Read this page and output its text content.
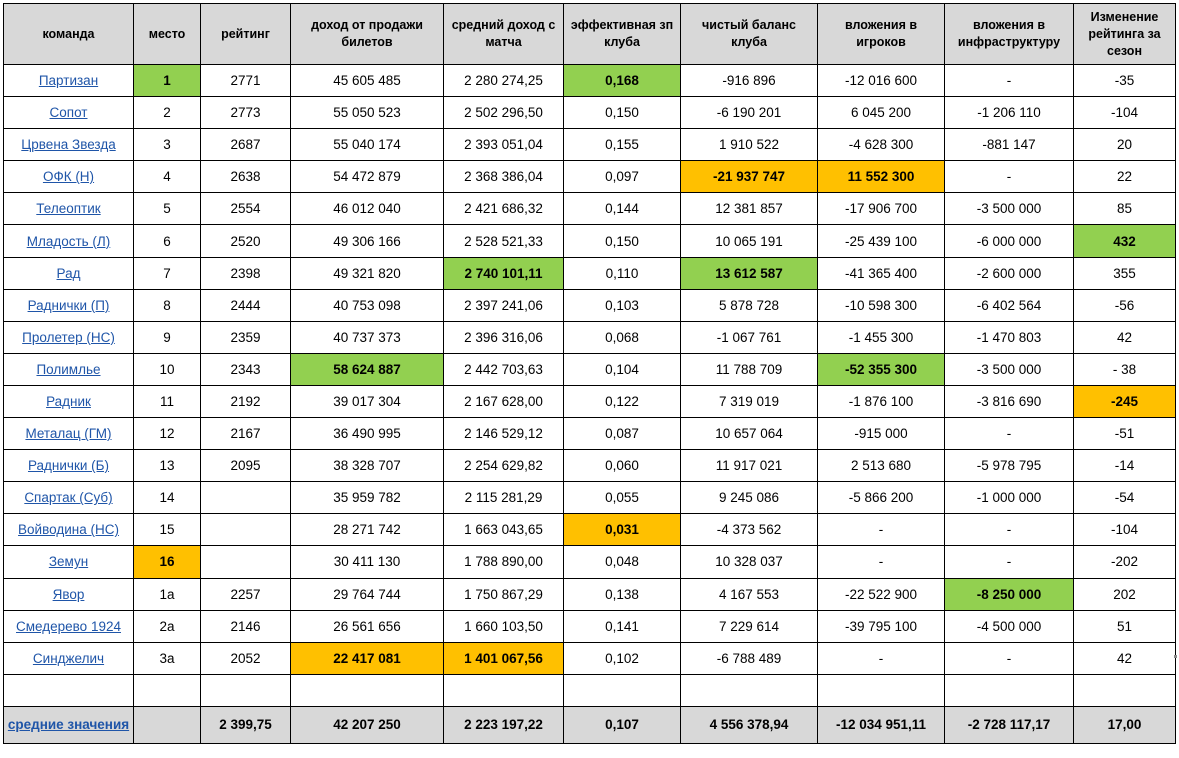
команда	место	рейтинг	доход от продажи билетов	средний доход с матча	эффективная зп клуба	чистый баланс клуба	вложения в игроков	вложения в инфраструктуру	Изменение рейтинга за сезон
Партизан	1	2771	45 605 485	2 280 274,25	0,168	-916 896	-12 016 600	-	-35
Сопот	2	2773	55 050 523	2 502 296,50	0,150	-6 190 201	6 045 200	-1 206 110	-104
Црвена Звезда	3	2687	55 040 174	2 393 051,04	0,155	1 910 522	-4 628 300	-881 147	20
ОФК (Н)	4	2638	54 472 879	2 368 386,04	0,097	-21 937 747	11 552 300	-	22
Телеоптик	5	2554	46 012 040	2 421 686,32	0,144	12 381 857	-17 906 700	-3 500 000	85
Младость (Л)	6	2520	49 306 166	2 528 521,33	0,150	10 065 191	-25 439 100	-6 000 000	432
Рад	7	2398	49 321 820	2 740 101,11	0,110	13 612 587	-41 365 400	-2 600 000	355
Раднички (П)	8	2444	40 753 098	2 397 241,06	0,103	5 878 728	-10 598 300	-6 402 564	-56
Пролетер (НС)	9	2359	40 737 373	2 396 316,06	0,068	-1 067 761	-1 455 300	-1 470 803	42
Полимлье	10	2343	58 624 887	2 442 703,63	0,104	11 788 709	-52 355 300	-3 500 000	- 38
Радник	11	2192	39 017 304	2 167 628,00	0,122	7 319 019	-1 876 100	-3 816 690	-245
Металац (ГМ)	12	2167	36 490 995	2 146 529,12	0,087	10 657 064	-915 000	-	-51
Раднички (Б)	13	2095	38 328 707	2 254 629,82	0,060	11 917 021	2 513 680	-5 978 795	-14
Спартак (Суб)	14		35 959 782	2 115 281,29	0,055	9 245 086	-5 866 200	-1 000 000	-54
Войводина (НС)	15		28 271 742	1 663 043,65	0,031	-4 373 562	-	-	-104
Земун	16		30 411 130	1 788 890,00	0,048	10 328 037	-	-	-202
Явор	1а	2257	29 764 744	1 750 867,29	0,138	4 167 553	-22 522 900	-8 250 000	202
Смедерево 1924	2а	2146	26 561 656	1 660 103,50	0,141	7 229 614	-39 795 100	-4 500 000	51
Синджелич	3а	2052	22 417 081	1 401 067,56	0,102	-6 788 489	-	-	42

средние значения		2 399,75	42 207 250	2 223 197,22	0,107	4 556 378,94	-12 034 951,11	-2 728 117,17	17,00
